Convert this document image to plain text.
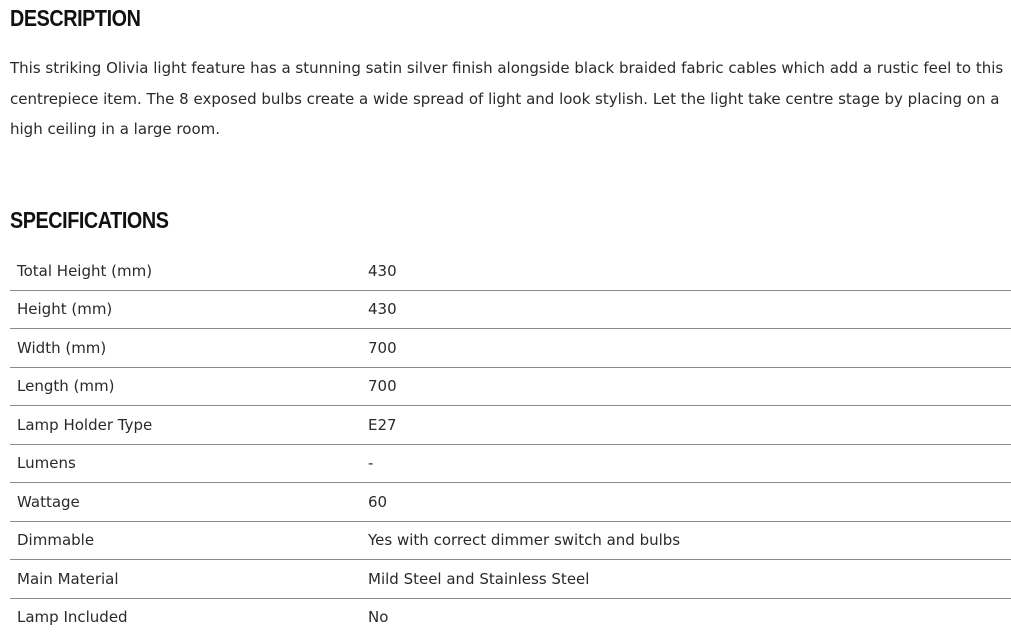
DESCRIPTION

This striking Olivia light feature has a stunning satin silver finish alongside black braided fabric cables which add a rustic feel to this centrepiece item. The 8 exposed bulbs create a wide spread of light and look stylish. Let the light take centre stage by placing on a high ceiling in a large room.

SPECIFICATIONS
Total Height (mm)	430
Height (mm)	430
Width (mm)	700
Length (mm)	700
Lamp Holder Type	E27
Lumens	-
Wattage	60
Dimmable	Yes with correct dimmer switch and bulbs
Main Material	Mild Steel and Stainless Steel
Lamp Included	No
